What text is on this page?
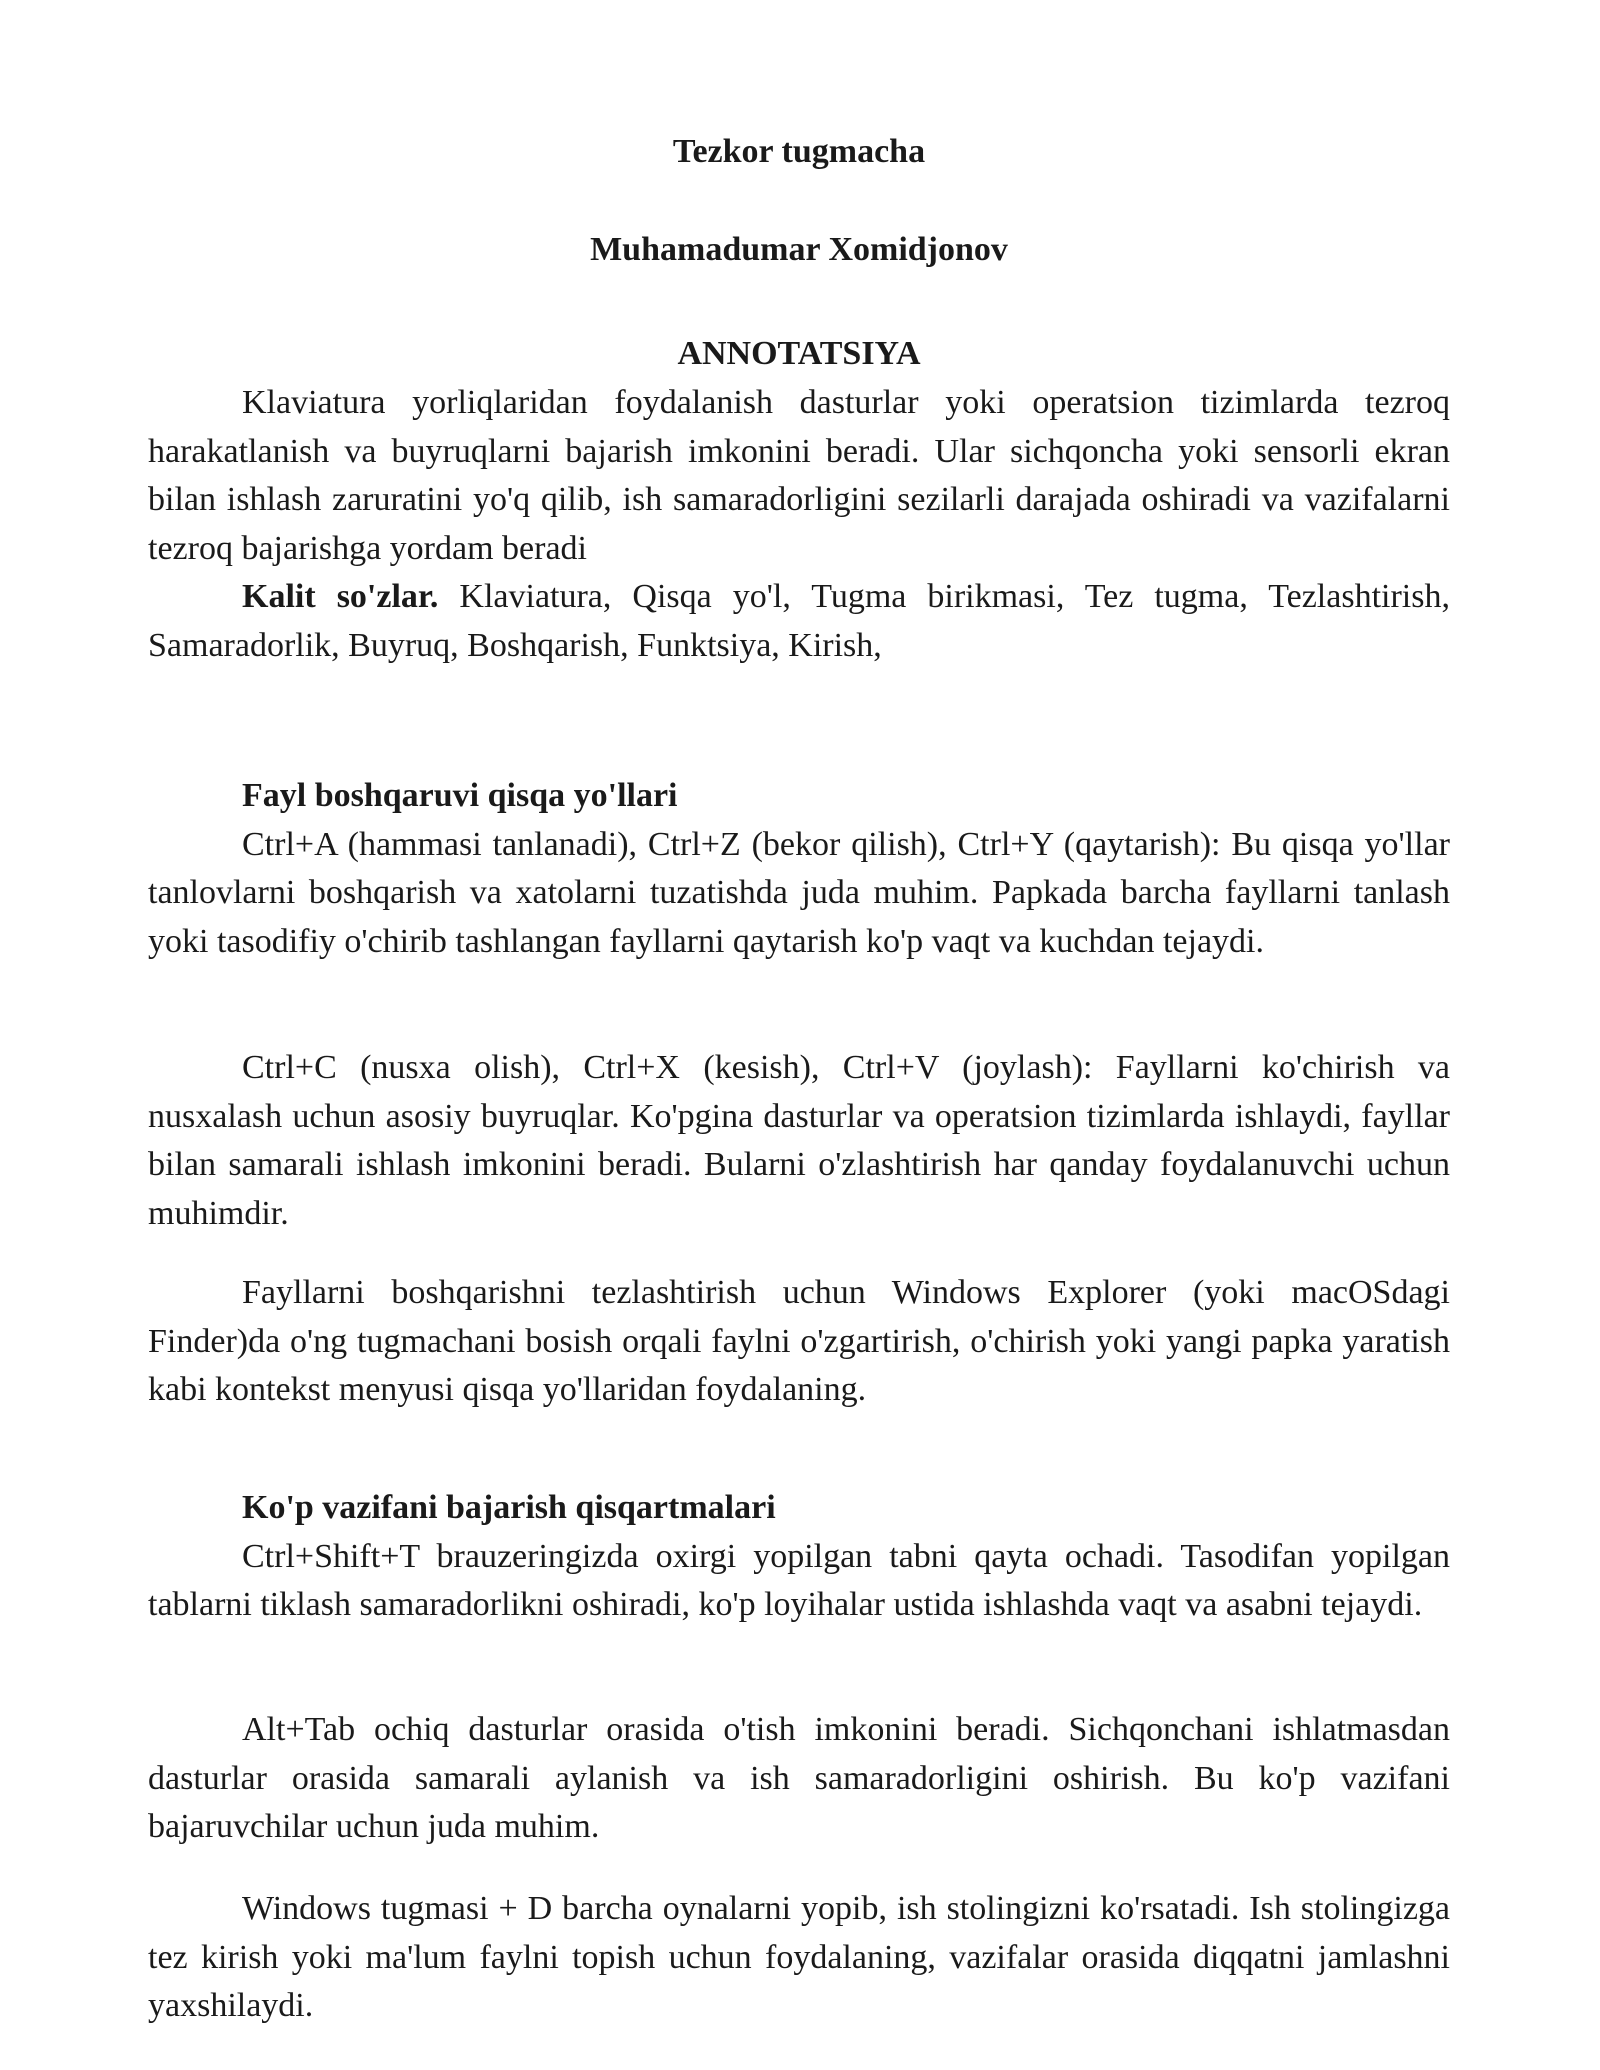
Tezkor tugmacha
Muhamadumar Xomidjonov
ANNOTATSIYA

Klaviatura yorliqlaridan foydalanish dasturlar yoki operatsion tizimlarda tezroq harakatlanish va buyruqlarni bajarish imkonini beradi. Ular sichqoncha yoki sensorli ekran bilan ishlash zaruratini yo'q qilib, ish samaradorligini sezilarli darajada oshiradi va vazifalarni tezroq bajarishga yordam beradi

Kalit so'zlar. Klaviatura, Qisqa yo'l, Tugma birikmasi, Tez tugma, Tezlashtirish, Samaradorlik, Buyruq, Boshqarish, Funktsiya, Kirish,

Fayl boshqaruvi qisqa yo'llari

Ctrl+A (hammasi tanlanadi), Ctrl+Z (bekor qilish), Ctrl+Y (qaytarish): Bu qisqa yo'llar tanlovlarni boshqarish va xatolarni tuzatishda juda muhim. Papkada barcha fayllarni tanlash yoki tasodifiy o'chirib tashlangan fayllarni qaytarish ko'p vaqt va kuchdan tejaydi.

Ctrl+C (nusxa olish), Ctrl+X (kesish), Ctrl+V (joylash): Fayllarni ko'chirish va nusxalash uchun asosiy buyruqlar. Ko'pgina dasturlar va operatsion tizimlarda ishlaydi, fayllar bilan samarali ishlash imkonini beradi. Bularni o'zlashtirish har qanday foydalanuvchi uchun muhimdir.

Fayllarni boshqarishni tezlashtirish uchun Windows Explorer (yoki macOSdagi Finder)da o'ng tugmachani bosish orqali faylni o'zgartirish, o'chirish yoki yangi papka yaratish kabi kontekst menyusi qisqa yo'llaridan foydalaning.

Ko'p vazifani bajarish qisqartmalari

Ctrl+Shift+T brauzeringizda oxirgi yopilgan tabni qayta ochadi. Tasodifan yopilgan tablarni tiklash samaradorlikni oshiradi, ko'p loyihalar ustida ishlashda vaqt va asabni tejaydi.

Alt+Tab ochiq dasturlar orasida o'tish imkonini beradi. Sichqonchani ishlatmasdan dasturlar orasida samarali aylanish va ish samaradorligini oshirish. Bu ko'p vazifani bajaruvchilar uchun juda muhim.

Windows tugmasi + D barcha oynalarni yopib, ish stolingizni ko'rsatadi. Ish stolingizga tez kirish yoki ma'lum faylni topish uchun foydalaning, vazifalar orasida diqqatni jamlashni yaxshilaydi.
